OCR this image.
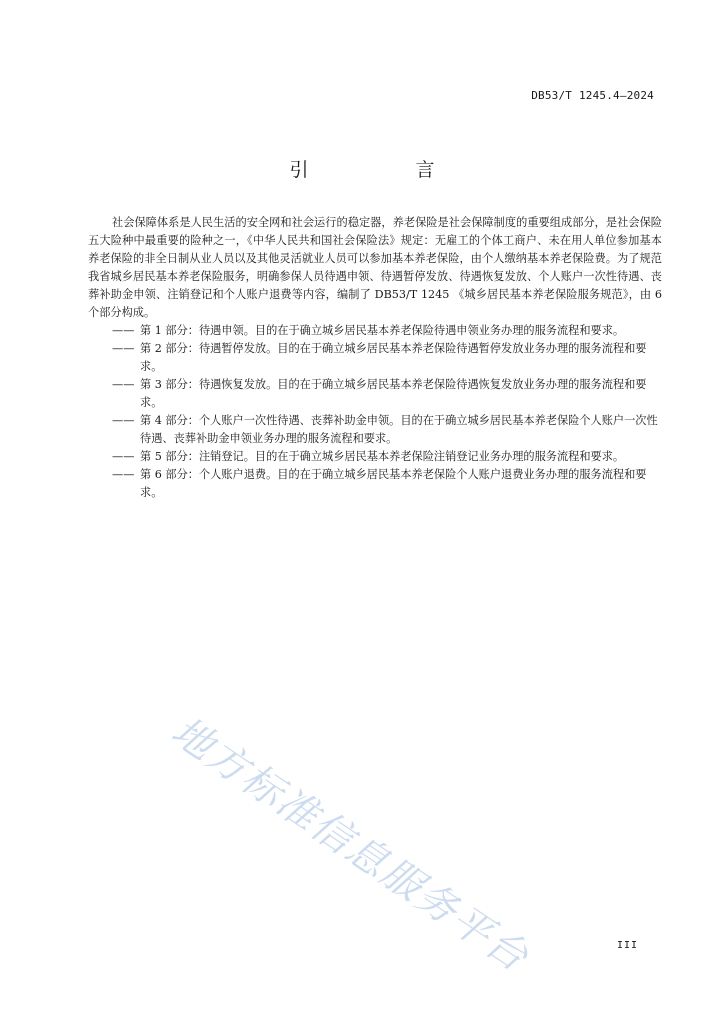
DB53/T 1245.4—2024
引　言

社会保障体系是人民生活的安全网和社会运行的稳定器，养老保险是社会保障制度的重要组成部分，是社会保险五大险种中最重要的险种之一，《中华人民共和国社会保险法》规定：无雇工的个体工商户、未在用人单位参加基本养老保险的非全日制从业人员以及其他灵活就业人员可以参加基本养老保险，由个人缴纳基本养老保险费。为了规范我省城乡居民基本养老保险服务，明确参保人员待遇申领、待遇暂停发放、待遇恢复发放、个人账户一次性待遇、丧葬补助金申领、注销登记和个人账户退费等内容，编制了 DB53/T 1245 《城乡居民基本养老保险服务规范》，由 6 个部分构成。

—— 第 1 部分：待遇申领。目的在于确立城乡居民基本养老保险待遇申领业务办理的服务流程和要求。

—— 第 2 部分：待遇暂停发放。目的在于确立城乡居民基本养老保险待遇暂停发放业务办理的服务流程和要求。

—— 第 3 部分：待遇恢复发放。目的在于确立城乡居民基本养老保险待遇恢复发放业务办理的服务流程和要求。

—— 第 4 部分：个人账户一次性待遇、丧葬补助金申领。目的在于确立城乡居民基本养老保险个人账户一次性待遇、丧葬补助金申领业务办理的服务流程和要求。

—— 第 5 部分：注销登记。目的在于确立城乡居民基本养老保险注销登记业务办理的服务流程和要求。

—— 第 6 部分：个人账户退费。目的在于确立城乡居民基本养老保险个人账户退费业务办理的服务流程和要求。

地方标准信息服务平台	III
